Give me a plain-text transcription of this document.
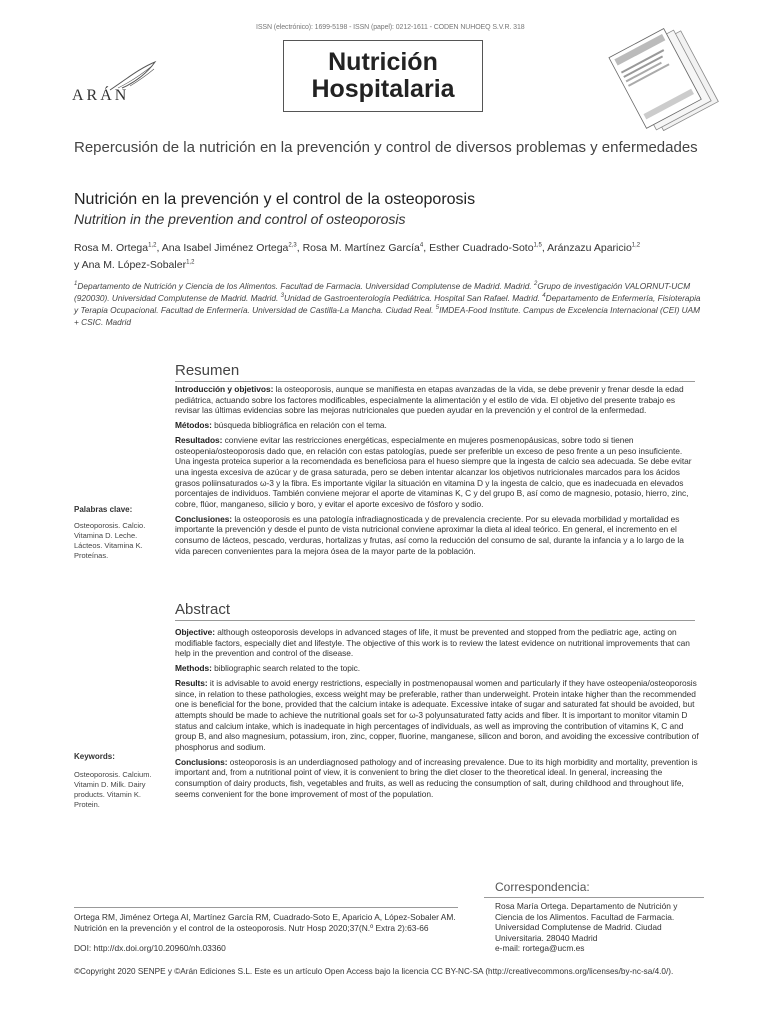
ISSN (electrónico): 1699-5198 - ISSN (papel): 0212-1611 - CODEN NUHOEQ S.V.R. 318
Nutrición
Hospitalaria
ARÁN
Repercusión de la nutrición en la prevención y control de diversos problemas y enfermedades
Nutrición en la prevención y el control de la osteoporosis
Nutrition in the prevention and control of osteoporosis
Rosa M. Ortega$^{1,2}$, Ana Isabel Jiménez Ortega$^{2,3}$, Rosa M. Martínez García$^4$, Esther Cuadrado-Soto$^{1,5}$, Aránzazu Aparicio$^{1,2}$
y Ana M. López-Sobaler$^{1,2}$
$^1$Departamento de Nutrición y Ciencia de los Alimentos. Facultad de Farmacia. Universidad Complutense de Madrid. Madrid. $^2$Grupo de investigación VALORNUT-UCM (920030). Universidad Complutense de Madrid. Madrid. $^3$Unidad de Gastroenterología Pediátrica. Hospital San Rafael. Madrid. $^4$Departamento de Enfermería, Fisioterapia y Terapia Ocupacional. Facultad de Enfermería. Universidad de Castilla-La Mancha. Ciudad Real. $^5$IMDEA-Food Institute. Campus de Excelencia Internacional (CEI) UAM + CSIC. Madrid
Resumen

Introducción y objetivos: la osteoporosis, aunque se manifiesta en etapas avanzadas de la vida, se debe prevenir y frenar desde la edad pediátrica, actuando sobre los factores modificables, especialmente la alimentación y el estilo de vida. El objetivo del presente trabajo es revisar las últimas evidencias sobre las mejoras nutricionales que pueden ayudar en la prevención y el control de la enfermedad.

Métodos: búsqueda bibliográfica en relación con el tema.

Resultados: conviene evitar las restricciones energéticas, especialmente en mujeres posmenopáusicas, sobre todo si tienen osteopenia/osteoporosis dado que, en relación con estas patologías, puede ser preferible un exceso de peso frente a un peso insuficiente. Una ingesta proteica superior a la recomendada es beneficiosa para el hueso siempre que la ingesta de calcio sea adecuada. Se debe evitar una ingesta excesiva de azúcar y de grasa saturada, pero se deben intentar alcanzar los objetivos nutricionales marcados para los ácidos grasos poliinsaturados ω-3 y la fibra. Es importante vigilar la situación en vitamina D y la ingesta de calcio, que es inadecuada en elevados porcentajes de individuos. También conviene mejorar el aporte de vitaminas K, C y del grupo B, así como de magnesio, potasio, hierro, zinc, cobre, flúor, manganeso, silicio y boro, y evitar el aporte excesivo de fósforo y sodio.

Conclusiones: la osteoporosis es una patología infradiagnosticada y de prevalencia creciente. Por su elevada morbilidad y mortalidad es importante la prevención y desde el punto de vista nutricional conviene aproximar la dieta al ideal teórico. En general, el incremento en el consumo de lácteos, pescado, verduras, hortalizas y frutas, así como la reducción del consumo de sal, durante la infancia y a lo largo de la vida parecen convenientes para la mejora ósea de la mayor parte de la población.

Palabras clave:
Osteoporosis. Calcio. Vitamina D. Leche. Lácteos. Vitamina K. Proteínas.
Abstract

Objective: although osteoporosis develops in advanced stages of life, it must be prevented and stopped from the pediatric age, acting on modifiable factors, especially diet and lifestyle. The objective of this work is to review the latest evidence on nutritional improvements that can help in the prevention and control of the disease.

Methods: bibliographic search related to the topic.

Results: it is advisable to avoid energy restrictions, especially in postmenopausal women and particularly if they have osteopenia/osteoporosis since, in relation to these pathologies, excess weight may be preferable, rather than underweight. Protein intake higher than the recommended one is beneficial for the bone, provided that the calcium intake is adequate. Excessive intake of sugar and saturated fat should be avoided, but attempts should be made to achieve the nutritional goals set for ω-3 polyunsaturated fatty acids and fiber. It is important to monitor vitamin D status and calcium intake, which is inadequate in high percentages of individuals, as well as improving the contribution of vitamins K, C and group B, and also magnesium, potassium, iron, zinc, copper, fluorine, manganese, silicon and boron, and avoiding the excessive contribution of phosphorus and sodium.

Conclusions: osteoporosis is an underdiagnosed pathology and of increasing prevalence. Due to its high morbidity and mortality, prevention is important and, from a nutritional point of view, it is convenient to bring the diet closer to the theoretical ideal. In general, increasing the consumption of dairy products, fish, vegetables and fruits, as well as reducing the consumption of salt, during childhood and throughout life, seems convenient for the bone improvement of most of the population.

Keywords:
Osteoporosis. Calcium. Vitamin D. Milk. Dairy products. Vitamin K. Protein.
Correspondencia:
Rosa María Ortega. Departamento de Nutrición y Ciencia de los Alimentos. Facultad de Farmacia. Universidad Complutense de Madrid. Ciudad Universitaria. 28040 Madrid
e-mail: rortega@ucm.es
Ortega RM, Jiménez Ortega AI, Martínez García RM, Cuadrado-Soto E, Aparicio A, López-Sobaler AM. Nutrición en la prevención y el control de la osteoporosis. Nutr Hosp 2020;37(N.º Extra 2):63-66
DOI: http://dx.doi.org/10.20960/nh.03360
©Copyright 2020 SENPE y ©Arán Ediciones S.L. Este es un artículo Open Access bajo la licencia CC BY-NC-SA (http://creativecommons.org/licenses/by-nc-sa/4.0/).
